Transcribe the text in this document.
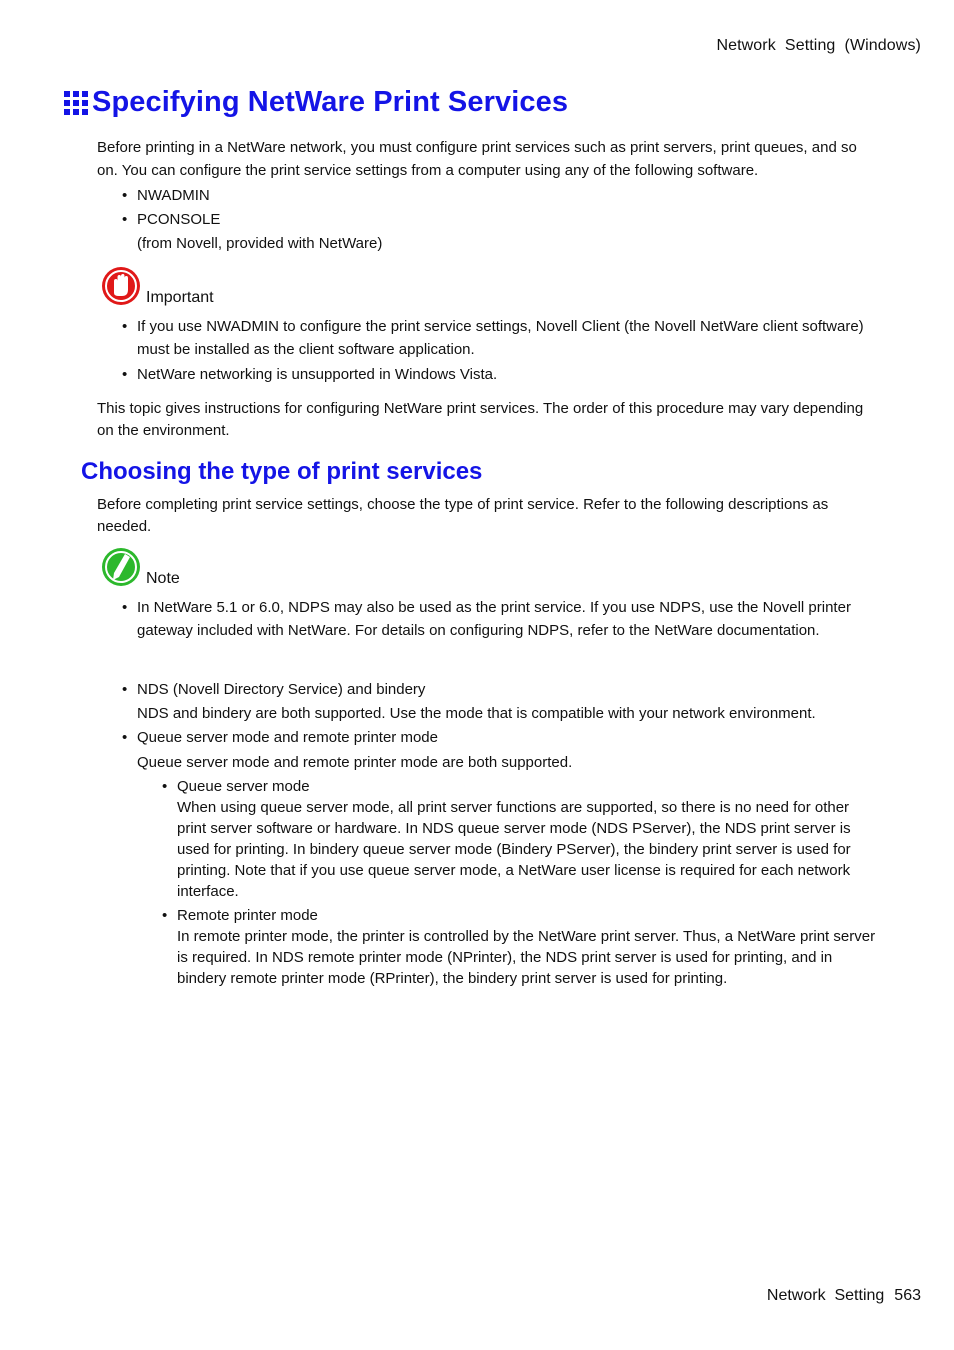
Network  Setting  (Windows)
Specifying NetWare Print Services
Before printing in a NetWare network, you must configure print services such as print servers, print queues, and so on. You can configure the print service settings from a computer using any of the following software.
• NWADMIN
• PCONSOLE
(from Novell, provided with NetWare)
Important
• If you use NWADMIN to configure the print service settings, Novell Client (the Novell NetWare client software) must be installed as the client software application.
• NetWare networking is unsupported in Windows Vista.
This topic gives instructions for configuring NetWare print services. The order of this procedure may vary depending on the environment.
Choosing the type of print services
Before completing print service settings, choose the type of print service. Refer to the following descriptions as needed.
Note
• In NetWare 5.1 or 6.0, NDPS may also be used as the print service. If you use NDPS, use the Novell printer gateway included with NetWare. For details on configuring NDPS, refer to the NetWare documentation.
• NDS (Novell Directory Service) and bindery
NDS and bindery are both supported. Use the mode that is compatible with your network environment.
• Queue server mode and remote printer mode
Queue server mode and remote printer mode are both supported.
• Queue server mode
When using queue server mode, all print server functions are supported, so there is no need for other print server software or hardware. In NDS queue server mode (NDS PServer), the NDS print server is used for printing. In bindery queue server mode (Bindery PServer), the bindery print server is used for printing. Note that if you use queue server mode, a NetWare user license is required for each network interface.
• Remote printer mode
In remote printer mode, the printer is controlled by the NetWare print server. Thus, a NetWare print server is required. In NDS remote printer mode (NPrinter), the NDS print server is used for printing, and in bindery remote printer mode (RPrinter), the bindery print server is used for printing.
Network  Setting 563
